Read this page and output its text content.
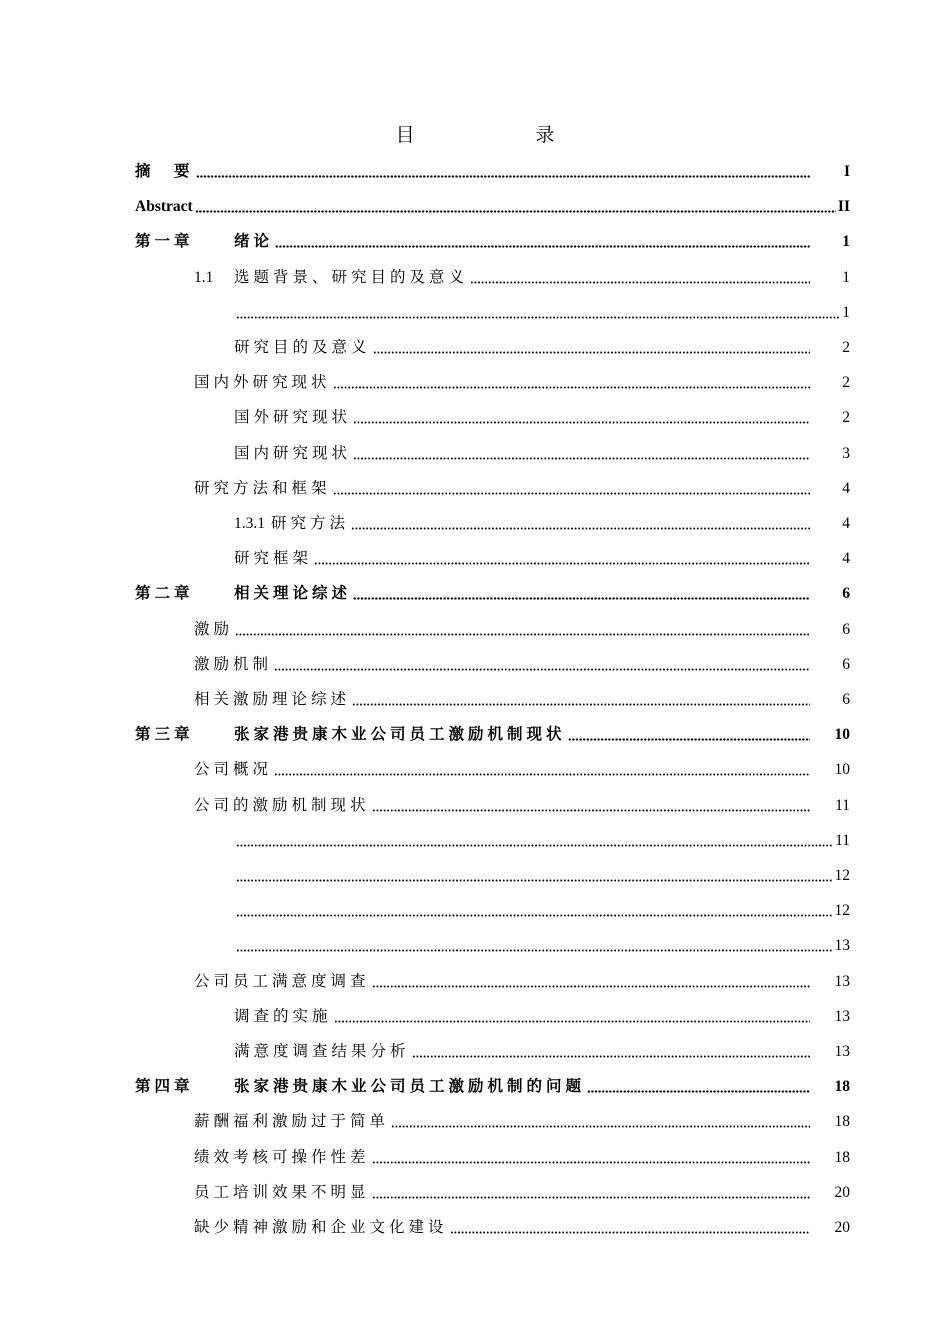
目 录
摘　要	I
Abstract	II
第一章	绪论	1
1.1	选题背景、研究目的及意义	1
1
研究目的及意义	2
国内外研究现状	2
国外研究现状	2
国内研究现状	3
研究方法和框架	4
1.3.1 研究方法	4
研究框架	4
第二章	相关理论综述	6
激励	6
激励机制	6
相关激励理论综述	6
第三章	张家港贵康木业公司员工激励机制现状	10
公司概况	10
公司的激励机制现状	11
11
12
12
13
公司员工满意度调查	13
调查的实施	13
满意度调查结果分析	13
第四章	张家港贵康木业公司员工激励机制的问题	18
薪酬福利激励过于简单	18
绩效考核可操作性差	18
员工培训效果不明显	20
缺少精神激励和企业文化建设	20
